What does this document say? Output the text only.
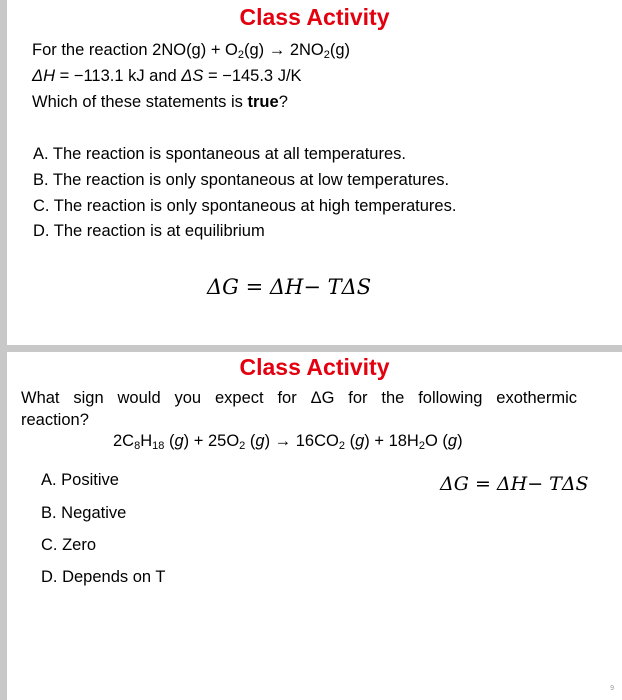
Class Activity
For the reaction $2NO(g) + O_2(g) \to 2NO_2(g)$
ΔH = −113.1 kJ and ΔS = −145.3 J/K
Which of these statements is true?
A. The reaction is spontaneous at all temperatures.
B. The reaction is only spontaneous at low temperatures.
C. The reaction is only spontaneous at high temperatures.
D. The reaction is at equilibrium
ΔG = ΔH− TΔS
Class Activity
What sign would you expect for ΔG for the following exothermic
reaction?
$2C_8H_{18}$ $(g) + 25O_2$ $(g) \to 16CO_2$ $(g) + 18H_2O$ (g)
A. Positive
B. Negative
C. Zero
D. Depends on T
ΔG = ΔH− TΔS
9
